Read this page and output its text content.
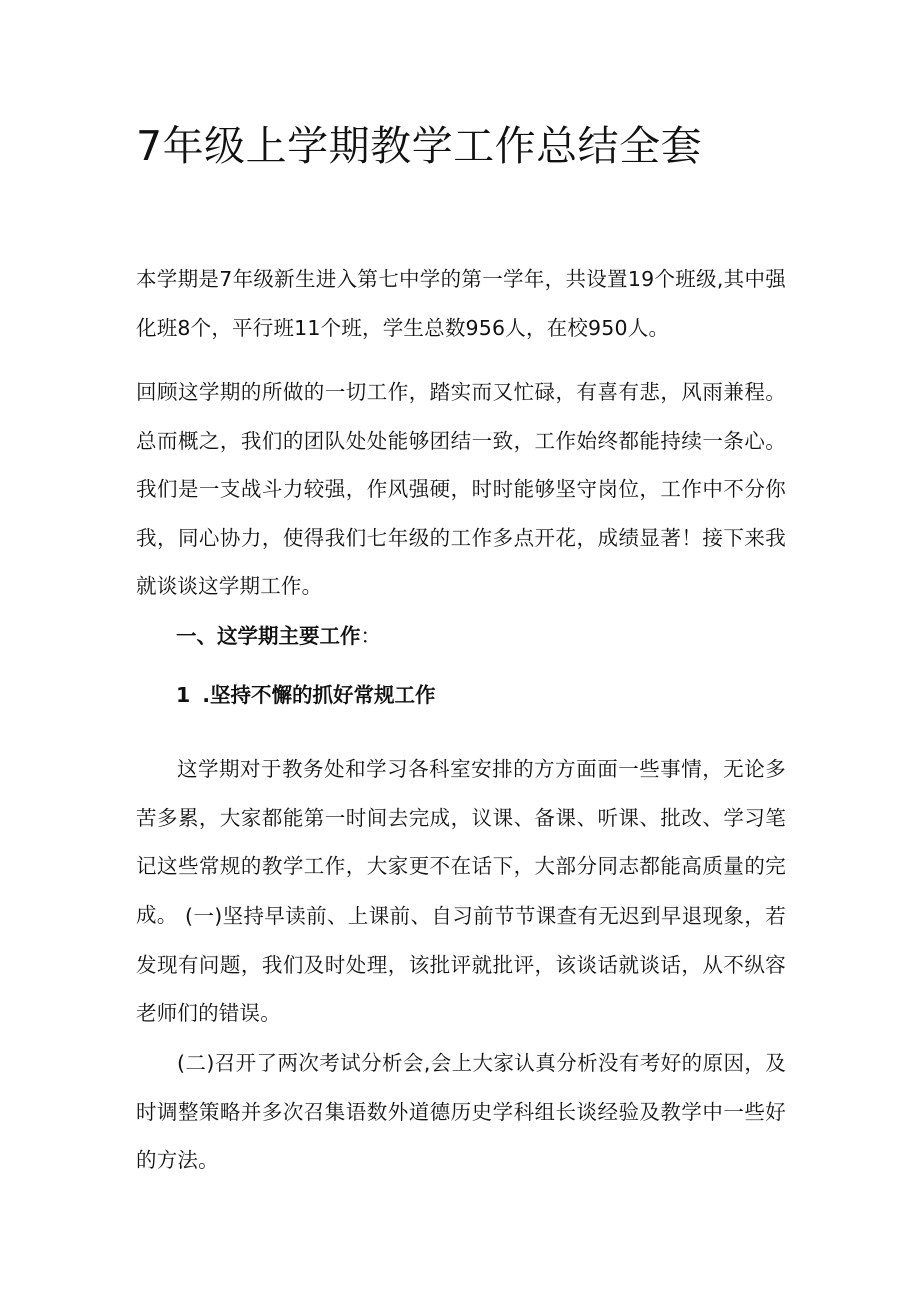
7年级上学期教学工作总结全套

本学期是7年级新生进入第七中学的第一学年，共设置19个班级,其中强化班8个，平行班11个班，学生总数956人，在校950人。

回顾这学期的所做的一切工作，踏实而又忙碌，有喜有悲，风雨兼程。总而概之，我们的团队处处能够团结一致，工作始终都能持续一条心。我们是一支战斗力较强，作风强硬，时时能够坚守岗位，工作中不分你我，同心协力，使得我们七年级的工作多点开花，成绩显著！接下来我就谈谈这学期工作。

一、这学期主要工作：
1 .坚持不懈的抓好常规工作

这学期对于教务处和学习各科室安排的方方面面一些事情，无论多苦多累，大家都能第一时间去完成，议课、备课、听课、批改、学习笔记这些常规的教学工作，大家更不在话下，大部分同志都能高质量的完成。 (一)坚持早读前、上课前、自习前节节课查有无迟到早退现象，若发现有问题，我们及时处理，该批评就批评，该谈话就谈话，从不纵容老师们的错误。

(二)召开了两次考试分析会,会上大家认真分析没有考好的原因，及时调整策略并多次召集语数外道德历史学科组长谈经验及教学中一些好的方法。
